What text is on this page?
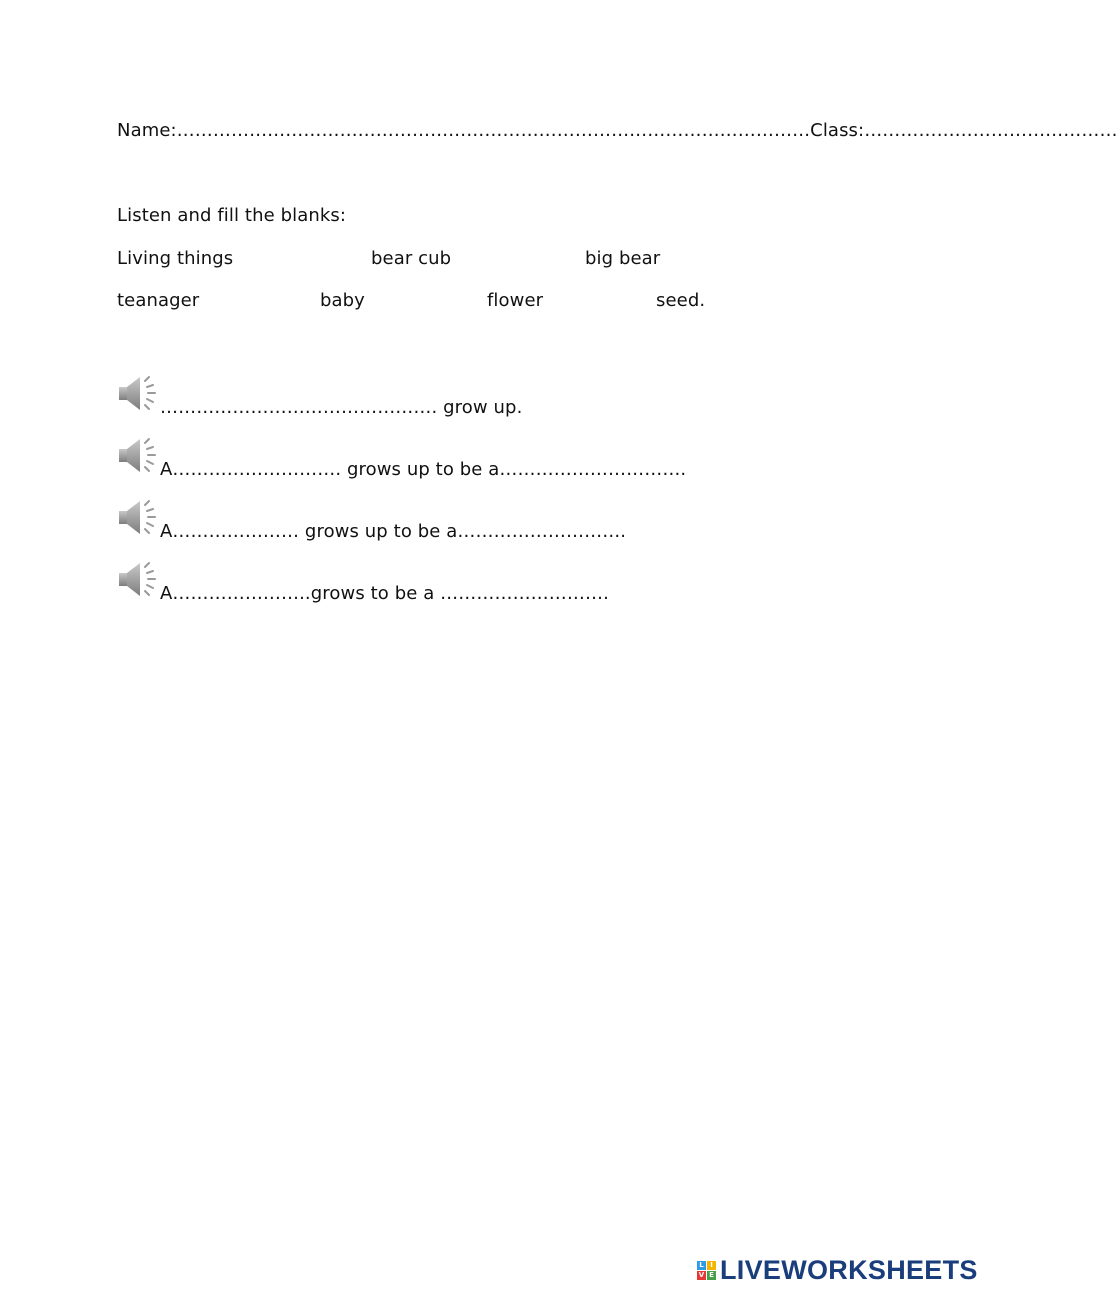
Name:……………………………………………………………………………………………Class:……………………………………
Listen and fill the blanks:
Living things	bear cub	big bear
teanager	baby	flower	seed.
………………………………………. grow up.
A………………………. grows up to be a………………………….
A………………… grows up to be a……………………….
A…………………..grows to be a ……………………….
L I
V E LIVEWORKSHEETS
